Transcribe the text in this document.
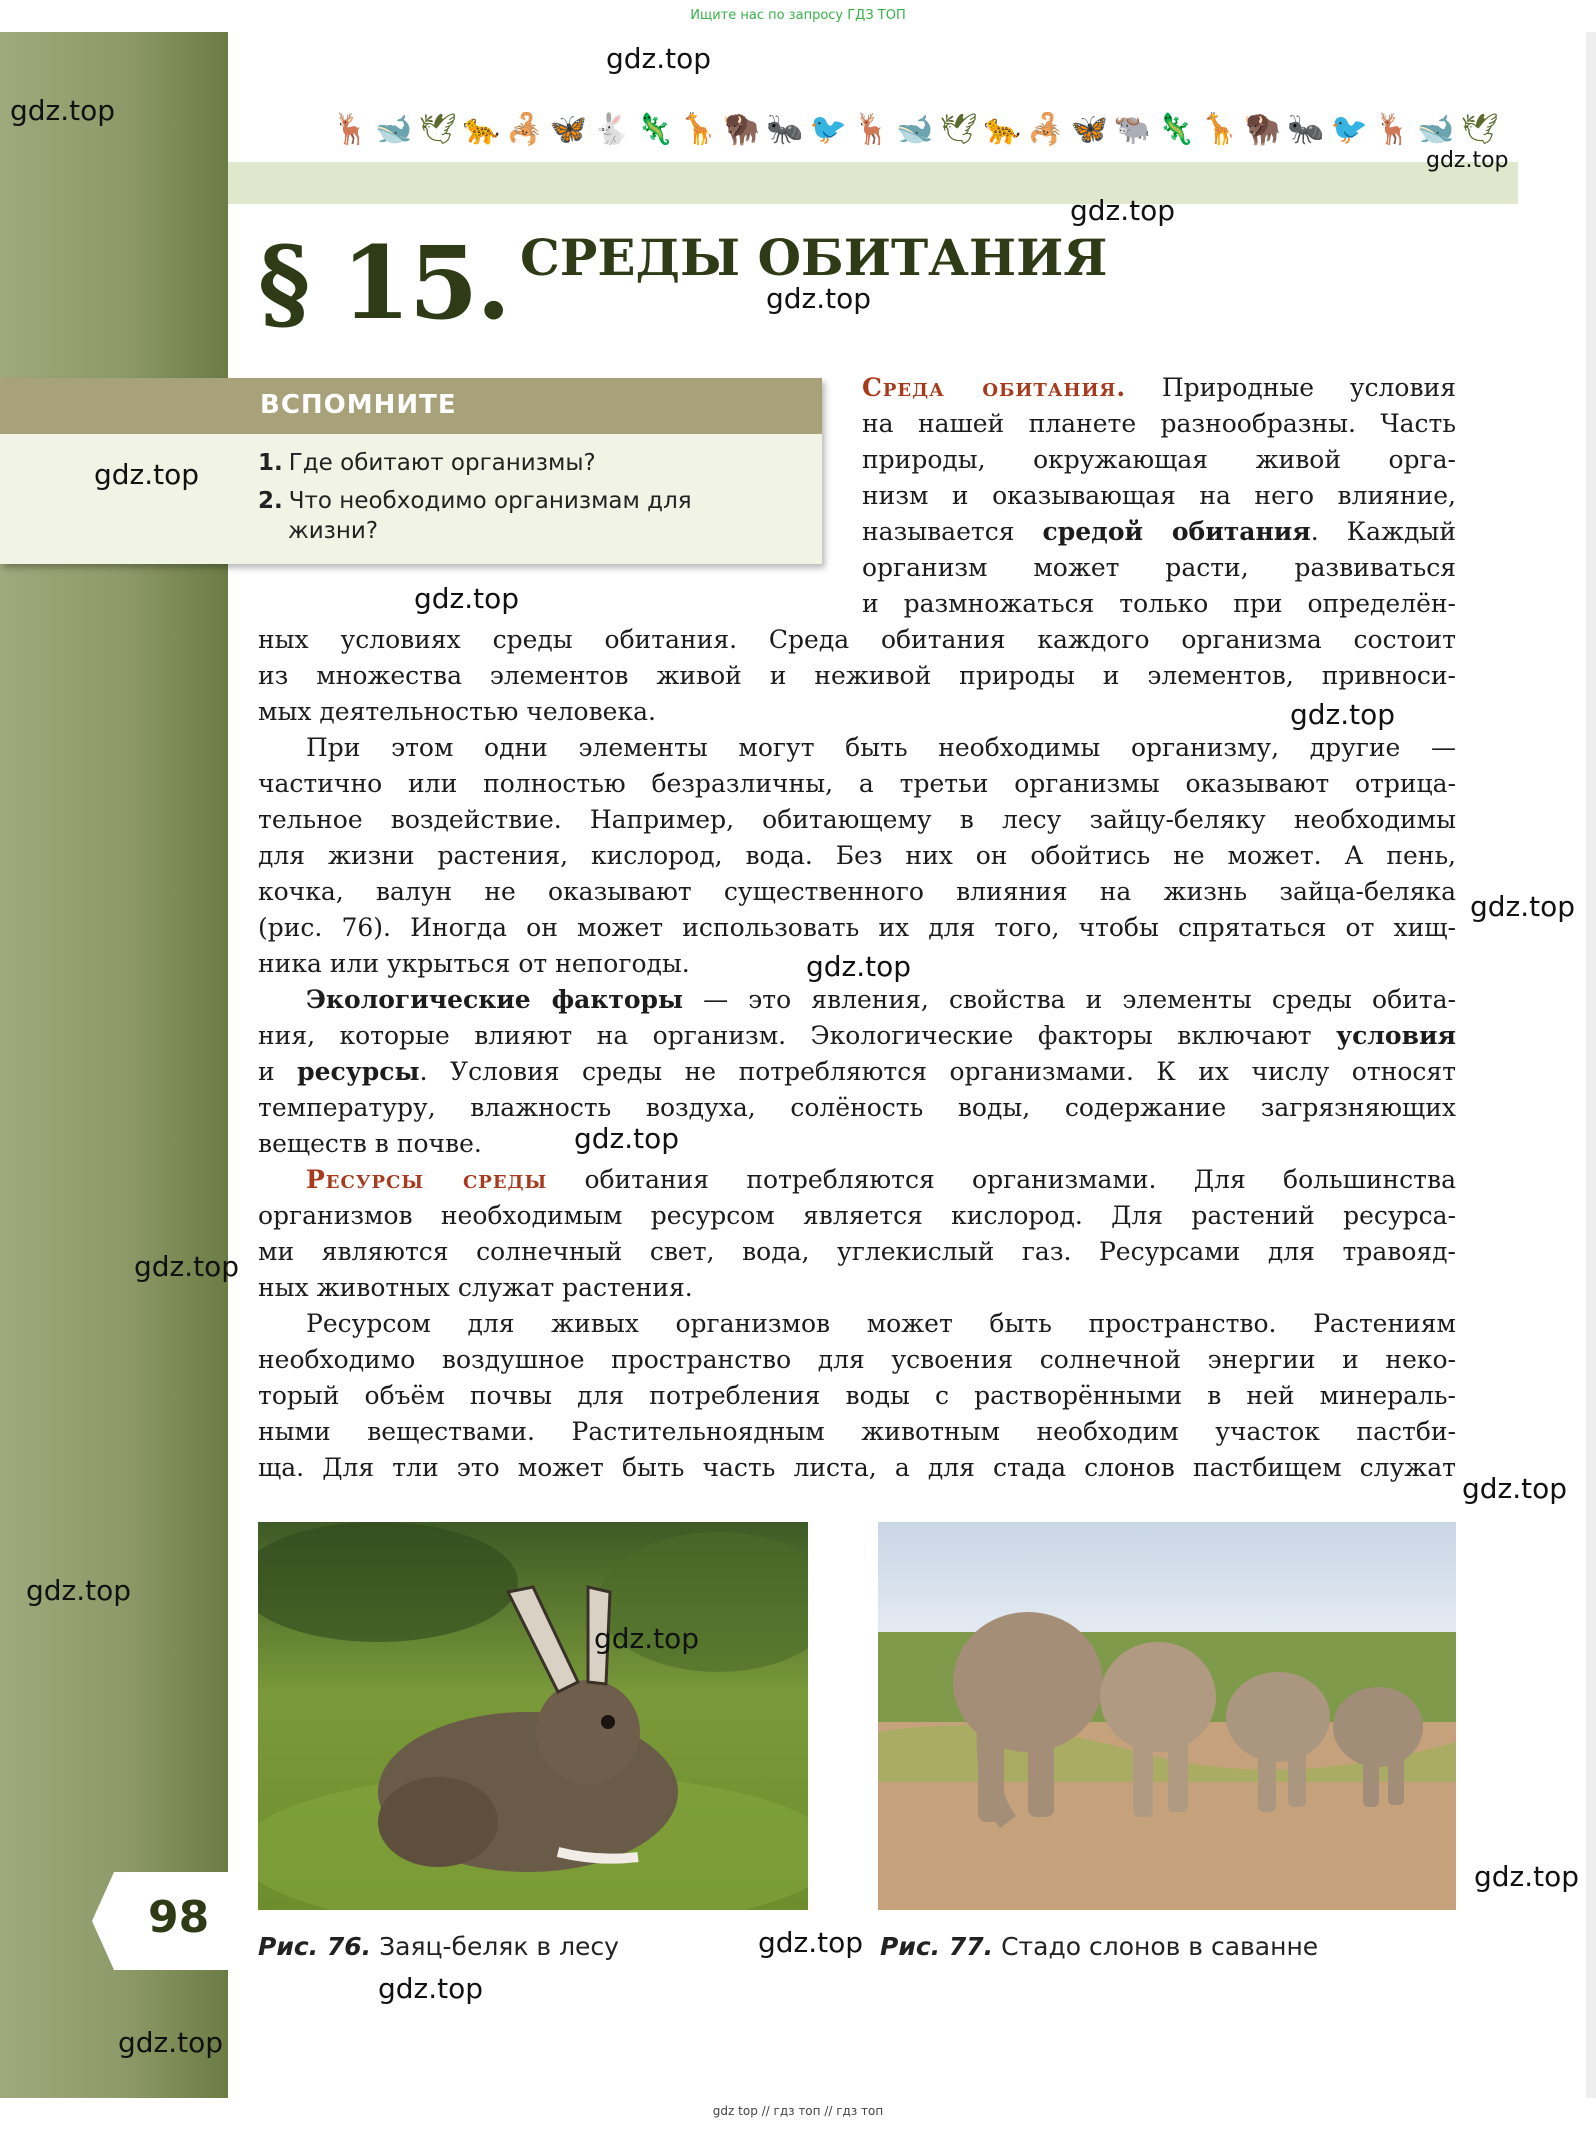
Ищите нас по запросу ГДЗ ТОП
🦌🐋🕊🐆🦂🦋🐇🦎🦒🦬🐜🐦🦌🐋🕊🐆🦂🦋🐃🦎🦒🦬🐜🐦🦌🐋🕊
§ 15. СРЕДЫ ОБИТАНИЯ
ВСПОМНИТЕ
1. Где обитают организмы?
2. Что необходимо организмам для
жизни?
Среда обитания. Природные условия
на нашей планете разнообразны. Часть
природы, окружающая живой орга-
низм и оказывающая на него влияние,
называется средой обитания. Каждый
организм может расти, развиваться
и размножаться только при определён-
ных условиях среды обитания. Среда обитания каждого организма состоит
из множества элементов живой и неживой природы и элементов, привноси-
мых деятельностью человека.
При этом одни элементы могут быть необходимы организму, другие —
частично или полностью безразличны, а третьи организмы оказывают отрица-
тельное воздействие. Например, обитающему в лесу зайцу-беляку необходимы
для жизни растения, кислород, вода. Без них он обойтись не может. А пень,
кочка, валун не оказывают существенного влияния на жизнь зайца-беляка
(рис. 76). Иногда он может использовать их для того, чтобы спрятаться от хищ-
ника или укрыться от непогоды.
Экологические факторы — это явления, свойства и элементы среды обита-
ния, которые влияют на организм. Экологические факторы включают условия
и ресурсы. Условия среды не потребляются организмами. К их числу относят
температуру, влажность воздуха, солёность воды, содержание загрязняющих
веществ в почве.
Ресурсы среды обитания потребляются организмами. Для большинства
организмов необходимым ресурсом является кислород. Для растений ресурса-
ми являются солнечный свет, вода, углекислый газ. Ресурсами для травояд-
ных животных служат растения.
Ресурсом для живых организмов может быть пространство. Растениям
необходимо воздушное пространство для усвоения солнечной энергии и неко-
торый объём почвы для потребления воды с растворёнными в ней минераль-
ными веществами. Растительноядным животным необходим участок пастби-
ща. Для тли это может быть часть листа, а для стада слонов пастбищем служат
Рис. 76. Заяц-беляк в лесу	Рис. 77. Стадо слонов в саванне
98
gdz.top
gdz.top
gdz.top
gdz.top
gdz.top
gdz.top
gdz.top
gdz.top
gdz.top
gdz.top
gdz.top
gdz.top
gdz.top
gdz.top
gdz.top
gdz.top
gdz.top
gdz.top
gdz.top
gdz top // гдз топ // гдз топ
